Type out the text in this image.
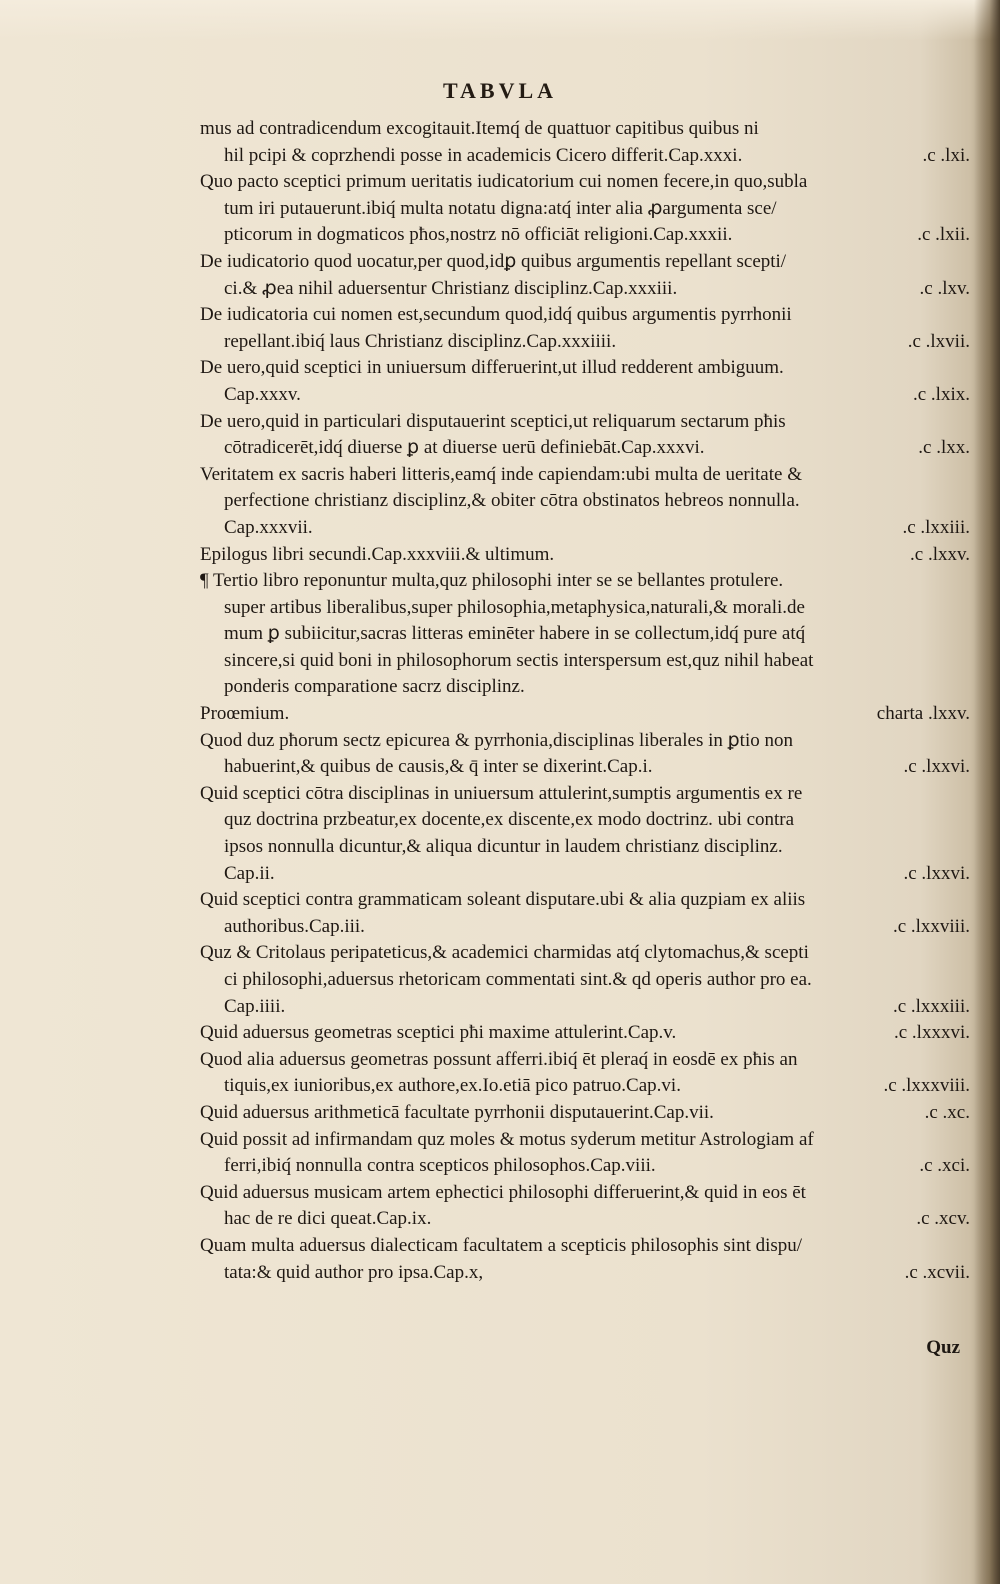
TABVLA
mus ad contradicendum excogitauit.Itemq́ de quattuor capitibus quibus ni
hil pcipi & coprzhendi posse in academicis Cicero differit.Cap.xxxi.	.c .lxi.
Quo pacto sceptici primum ueritatis iudicatorium cui nomen fecere,in quo,subla
tum iri putauerunt.ibiq́ multa notatu digna:atq́ inter alia ꝓargumenta sce/
pticorum in dogmaticos pħos,nostrz nō officiāt religioni.Cap.xxxii.	.c .lxii.
De iudicatorio quod uocatur,per quod,idꝑ quibus argumentis repellant scepti/
ci.& ꝓea nihil aduersentur Christianz disciplinz.Cap.xxxiii.	.c .lxv.
De iudicatoria cui nomen est,secundum quod,idq́ quibus argumentis pyrrhonii
repellant.ibiq́ laus Christianz disciplinz.Cap.xxxiiii.	.c .lxvii.
De uero,quid sceptici in uniuersum differuerint,ut illud redderent ambiguum.
Cap.xxxv.	.c .lxix.
De uero,quid in particulari disputauerint sceptici,ut reliquarum sectarum pħis
cōtradicerēt,idq́ diuerse ꝑ at diuerse uerū definiebāt.Cap.xxxvi.	.c .lxx.
Veritatem ex sacris haberi litteris,eamq́ inde capiendam:ubi multa de ueritate &
perfectione christianz disciplinz,& obiter cōtra obstinatos hebreos nonnulla.
Cap.xxxvii.	.c .lxxiii.
Epilogus libri secundi.Cap.xxxviii.& ultimum.	.c .lxxv.
¶ Tertio libro reponuntur multa,quz philosophi inter se se bellantes protulere.
super artibus liberalibus,super philosophia,metaphysica,naturali,& morali.de
mum ꝑ subiicitur,sacras litteras eminēter habere in se collectum,idq́ pure atq́
sincere,si quid boni in philosophorum sectis interspersum est,quz nihil habeat
ponderis comparatione sacrz disciplinz.
Proœmium.	charta .lxxv.
Quod duz pħorum sectz epicurea & pyrrhonia,disciplinas liberales in ꝑtio non
habuerint,& quibus de causis,& q̄ inter se dixerint.Cap.i.	.c .lxxvi.
Quid sceptici cōtra disciplinas in uniuersum attulerint,sumptis argumentis ex re
quz doctrina przbeatur,ex docente,ex discente,ex modo doctrinz. ubi contra
ipsos nonnulla dicuntur,& aliqua dicuntur in laudem christianz disciplinz.
Cap.ii.	.c .lxxvi.
Quid sceptici contra grammaticam soleant disputare.ubi & alia quzpiam ex aliis
authoribus.Cap.iii.	.c .lxxviii.
Quz & Critolaus peripateticus,& academici charmidas atq́ clytomachus,& scepti
ci philosophi,aduersus rhetoricam commentati sint.& qd operis author pro ea.
Cap.iiii.	.c .lxxxiii.
Quid aduersus geometras sceptici pħi maxime attulerint.Cap.v.	.c .lxxxvi.
Quod alia aduersus geometras possunt afferri.ibiq́ ēt pleraq́ in eosdē ex pħis an
tiquis,ex iunioribus,ex authore,ex.Io.etiā pico patruo.Cap.vi.	.c .lxxxviii.
Quid aduersus arithmeticā facultate pyrrhonii disputauerint.Cap.vii.	.c .xc.
Quid possit ad infirmandam quz moles & motus syderum metitur Astrologiam af
ferri,ibiq́ nonnulla contra scepticos philosophos.Cap.viii.	.c .xci.
Quid aduersus musicam artem ephectici philosophi differuerint,& quid in eos ēt
hac de re dici queat.Cap.ix.	.c .xcv.
Quam multa aduersus dialecticam facultatem a scepticis philosophis sint dispu/
tata:& quid author pro ipsa.Cap.x,	.c .xcvii.
Quz
